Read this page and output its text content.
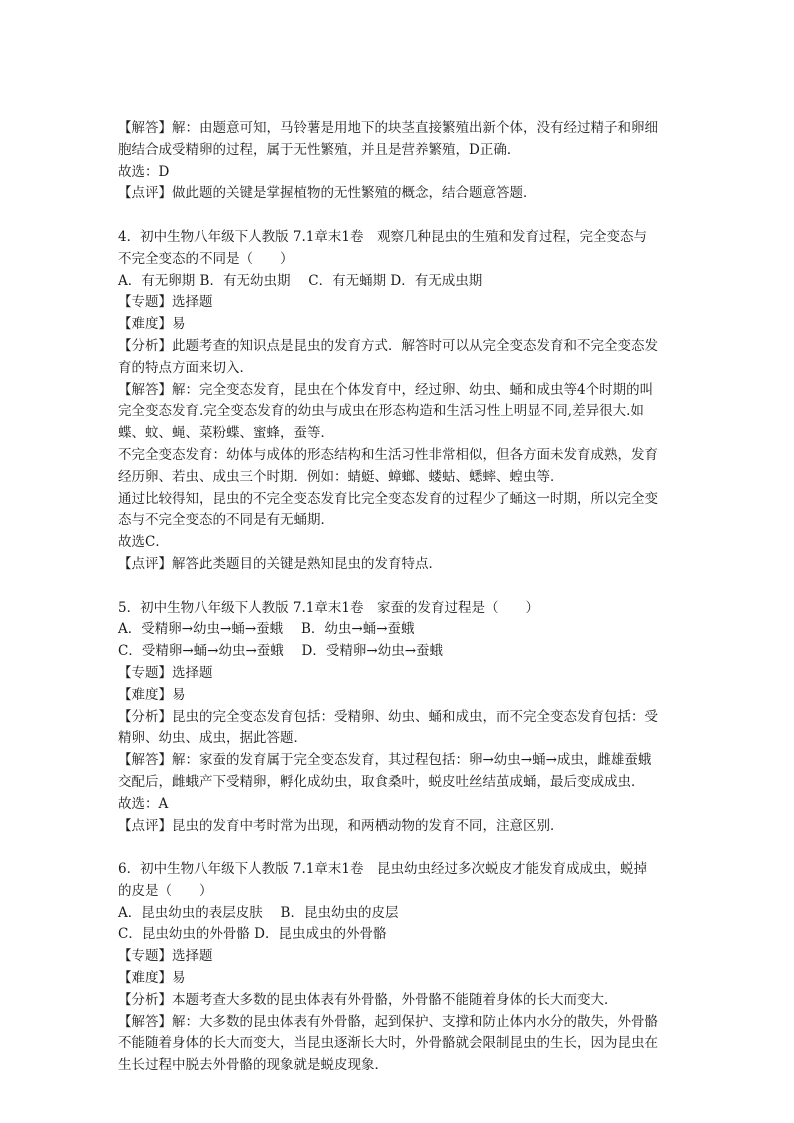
【解答】解：由题意可知，马铃薯是用地下的块茎直接繁殖出新个体，没有经过精子和卵细
胞结合成受精卵的过程，属于无性繁殖，并且是营养繁殖，D正确．
故选：D
【点评】做此题的关键是掌握植物的无性繁殖的概念，结合题意答题．
4．初中生物八年级下人教版 7.1章末1卷　观察几种昆虫的生殖和发育过程，完全变态与
不完全变态的不同是（　　）
A．有无卵期 B．有无幼虫期　 C．有无蛹期 D．有无成虫期
【专题】选择题
【难度】易
【分析】此题考查的知识点是昆虫的发育方式．解答时可以从完全变态发育和不完全变态发
育的特点方面来切入．
【解答】解：完全变态发育，昆虫在个体发育中，经过卵、幼虫、蛹和成虫等4个时期的叫
完全变态发育.完全变态发育的幼虫与成虫在形态构造和生活习性上明显不同,差异很大.如
蝶、蚊、蝇、菜粉蝶、蜜蜂，蚕等．
不完全变态发育：幼体与成体的形态结构和生活习性非常相似，但各方面未发育成熟，发育
经历卵、若虫、成虫三个时期．例如：蜻蜓、蟑螂、蝼蛄、蟋蟀、蝗虫等．
通过比较得知，昆虫的不完全变态发育比完全变态发育的过程少了蛹这一时期，所以完全变
态与不完全变态的不同是有无蛹期．
故选C．
【点评】解答此类题目的关键是熟知昆虫的发育特点．
5．初中生物八年级下人教版 7.1章末1卷　家蚕的发育过程是（　　）
A．受精卵→幼虫→蛹→蚕蛾　 B．幼虫→蛹→蚕蛾
C．受精卵→蛹→幼虫→蚕蛾　 D．受精卵→幼虫→蚕蛾
【专题】选择题
【难度】易
【分析】昆虫的完全变态发育包括：受精卵、幼虫、蛹和成虫，而不完全变态发育包括：受
精卵、幼虫、成虫，据此答题．
【解答】解：家蚕的发育属于完全变态发育，其过程包括：卵→幼虫→蛹→成虫，雌雄蚕蛾
交配后，雌蛾产下受精卵，孵化成幼虫，取食桑叶，蜕皮吐丝结茧成蛹，最后变成成虫．
故选：A
【点评】昆虫的发育中考时常为出现，和两栖动物的发育不同，注意区别．
6．初中生物八年级下人教版 7.1章末1卷　昆虫幼虫经过多次蜕皮才能发育成成虫，蜕掉
的皮是（　　）
A．昆虫幼虫的表层皮肤　 B．昆虫幼虫的皮层
C．昆虫幼虫的外骨骼 D．昆虫成虫的外骨骼
【专题】选择题
【难度】易
【分析】本题考查大多数的昆虫体表有外骨骼，外骨骼不能随着身体的长大而变大．
【解答】解：大多数的昆虫体表有外骨骼，起到保护、支撑和防止体内水分的散失，外骨骼
不能随着身体的长大而变大，当昆虫逐渐长大时，外骨骼就会限制昆虫的生长，因为昆虫在
生长过程中脱去外骨骼的现象就是蜕皮现象．
